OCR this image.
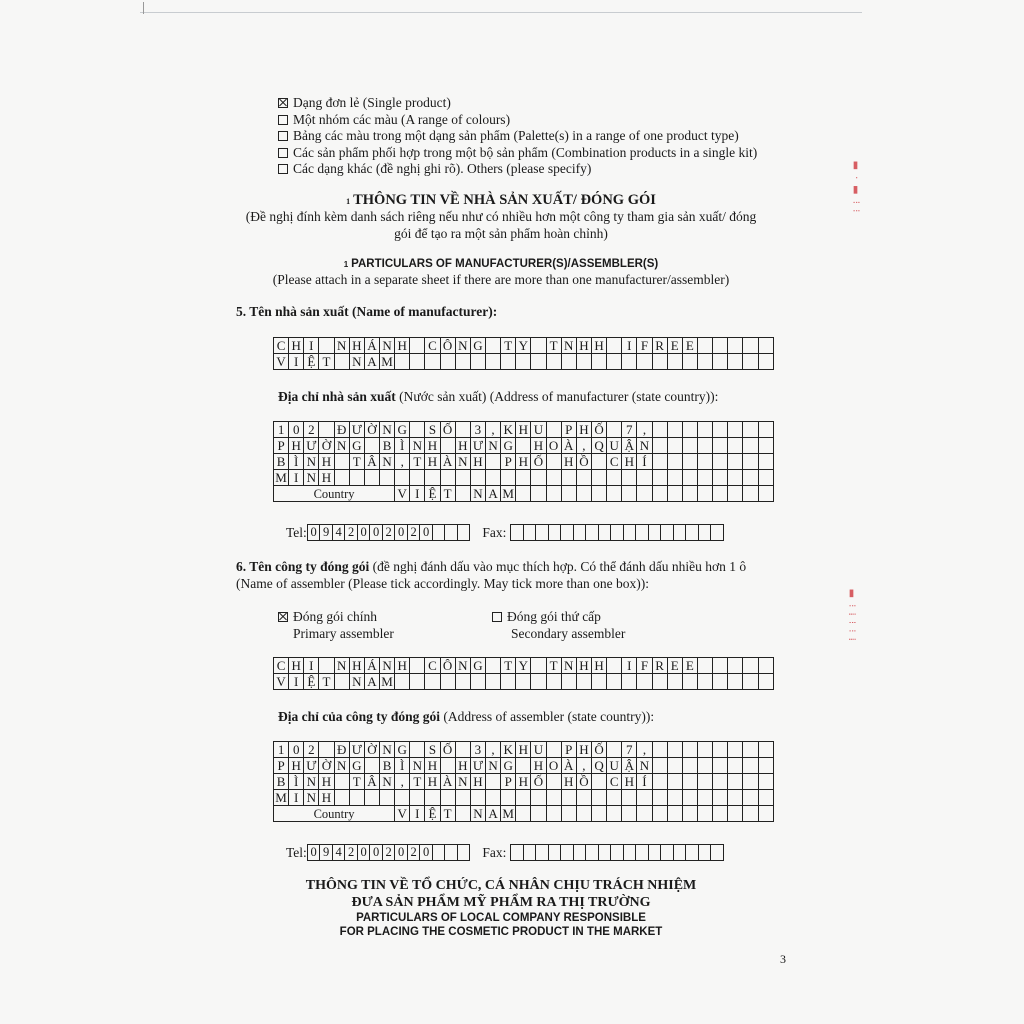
Dạng đơn lẻ (Single product)
Một nhóm các màu (A range of colours)
Bảng các màu trong một dạng sản phẩm (Palette(s) in a range of one product type)
Các sản phẩm phối hợp trong một bộ sản phẩm (Combination products in a single kit)
Các dạng khác (đề nghị ghi rõ). Others (please specify)
1 THÔNG TIN VỀ NHÀ SẢN XUẤT/ ĐÓNG GÓI
(Đề nghị đính kèm danh sách riêng nếu như có nhiều hơn một công ty tham gia sản xuất/ đóng
gói để tạo ra một sản phẩm hoàn chỉnh)
1 PARTICULARS OF MANUFACTURER(S)/ASSEMBLER(S)
(Please attach in a separate sheet if there are more than one manufacturer/assembler)
5. Tên nhà sản xuất (Name of manufacturer):
C	H	I		N	H	Á	N	H		C	Ô	N	G		T	Y		T	N	H	H		I	F	R	E	E					
V	I	Ệ	T		N	A	M																									
Địa chỉ nhà sản xuất (Nước sản xuất) (Address of manufacturer (state country)):
1	0	2		Đ	Ư	Ờ	N	G		S	Ố		3	,	K	H	U		P	H	Ố		7	,								
P	H	Ư	Ờ	N	G		B	Ì	N	H		H	Ư	N	G		H	O	À	,	Q	U	Ậ	N								
B	Ì	N	H		T	Â	N	,	T	H	À	N	H		P	H	Ố		H	Ồ		C	H	Í								
M	I	N	H																													
Country								V	I	Ệ	T		N	A	M																	
Tel: 0	9	4	2	0	0	2	0	2	0				Fax:

6. Tên công ty đóng gói (đề nghị đánh dấu vào mục thích hợp. Có thể đánh dấu nhiều hơn 1 ô
(Name of assembler (Please tick accordingly. May tick more than one box)):
Đóng gói chính
Primary assembler
Đóng gói thứ cấp
Secondary assembler
C	H	I		N	H	Á	N	H		C	Ô	N	G		T	Y		T	N	H	H		I	F	R	E	E					
V	I	Ệ	T		N	A	M																									
Địa chỉ của công ty đóng gói (Address of assembler (state country)):
1	0	2		Đ	Ư	Ờ	N	G		S	Ố		3	,	K	H	U		P	H	Ố		7	,								
P	H	Ư	Ờ	N	G		B	Ì	N	H		H	Ư	N	G		H	O	À	,	Q	U	Ậ	N								
B	Ì	N	H		T	Â	N	,	T	H	À	N	H		P	H	Ố		H	Ồ		C	H	Í								
M	I	N	H																													
Country								V	I	Ệ	T		N	A	M																	
Tel: 0	9	4	2	0	0	2	0	2	0				Fax:

THÔNG TIN VỀ TỔ CHỨC, CÁ NHÂN CHỊU TRÁCH NHIỆM
ĐƯA SẢN PHẨM MỸ PHẨM RA THỊ TRƯỜNG
PARTICULARS OF LOCAL COMPANY RESPONSIBLE
FOR PLACING THE COSMETIC PRODUCT IN THE MARKET
3
▮ · ▮ ⁝ ⁝
▮ ⁝ ⁞ ⁝ ⁝ ⁞
